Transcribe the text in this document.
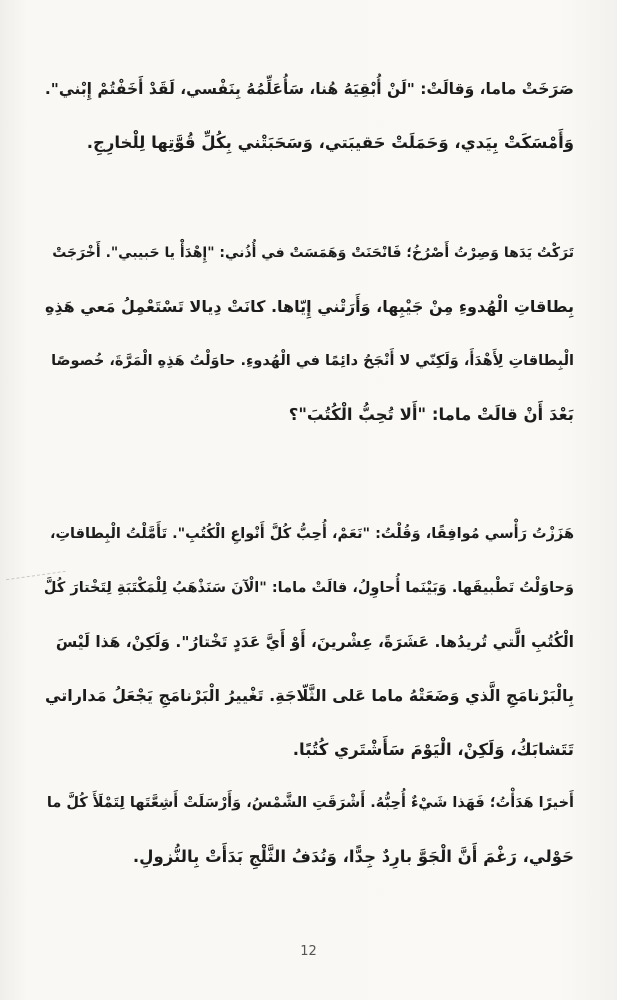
صَرَخَتْ ماما، وَقالَتْ: "لَنْ أُبْقِيَهُ هُنا، سَأُعَلِّمُهُ بِنَفْسي، لَقَدْ أَخَفْتُمْ إِبْني".
وَأَمْسَكَتْ بِيَدي، وَحَمَلَتْ حَقيبَتي، وَسَحَبَتْني بِكُلِّ قُوَّتِها لِلْخارِجِ.
تَرَكْتُ يَدَها وَصِرْتُ أَصْرُخُ؛ فَانْحَنَتْ وَهَمَسَتْ في أُذُني: "إِهْدَأْ يا حَبيبي". أَخْرَجَتْ
بِطاقاتِ الْهُدوءِ مِنْ جَيْبِها، وَأَرَتْني إِيّاها. كانَتْ دِيالا تَسْتَعْمِلُ مَعي هَذِهِ
الْبِطاقاتِ لِأَهْدَأَ، وَلَكِنّي لا أَنْجَحُ دائِمًا في الْهُدوءِ. حاوَلْتُ هَذِهِ الْمَرَّةَ، خُصوصًا
بَعْدَ أَنْ قالَتْ ماما: "أَلا تُحِبُّ الْكُتُبَ"؟
هَزَزْتُ رَأْسي مُوافِقًا، وَقُلْتُ: "نَعَمْ، أُحِبُّ كُلَّ أَنْواعِ الْكُتُبِ". تَأَمَّلْتُ الْبِطاقاتِ،
وَحاوَلْتُ تَطْبيقَها. وَبَيْنَما أُحاوِلُ، قالَتْ ماما: "الْآنَ سَنَذْهَبُ لِلْمَكْتَبَةِ لِتَخْتارَ كُلَّ
الْكُتُبِ الَّتي تُريدُها. عَشَرَةً، عِشْرينَ، أَوْ أَيَّ عَدَدٍ تَخْتارُ". وَلَكِنْ، هَذا لَيْسَ
بِالْبَرْنامَجِ الَّذي وَضَعَتْهُ ماما عَلى الثَّلّاجَةِ. تَغْييرُ الْبَرْنامَجِ يَجْعَلُ مَداراتي
تَتَشابَكُ، وَلَكِنْ، الْيَوْمَ سَأَشْتَري كُتُبًا.
أَخيرًا هَدَأْتُ؛ فَهَذا شَيْءٌ أُحِبُّهُ. أَشْرَقَتِ الشَّمْسُ، وَأَرْسَلَتْ أَشِعَّتَها لِتَمْلَأَ كُلَّ ما
حَوْلي، رَغْمَ أَنَّ الْجَوَّ بارِدٌ جِدًّا، وَنُدَفُ الثَّلْجِ بَدَأَتْ بِالنُّزولِ.
12
